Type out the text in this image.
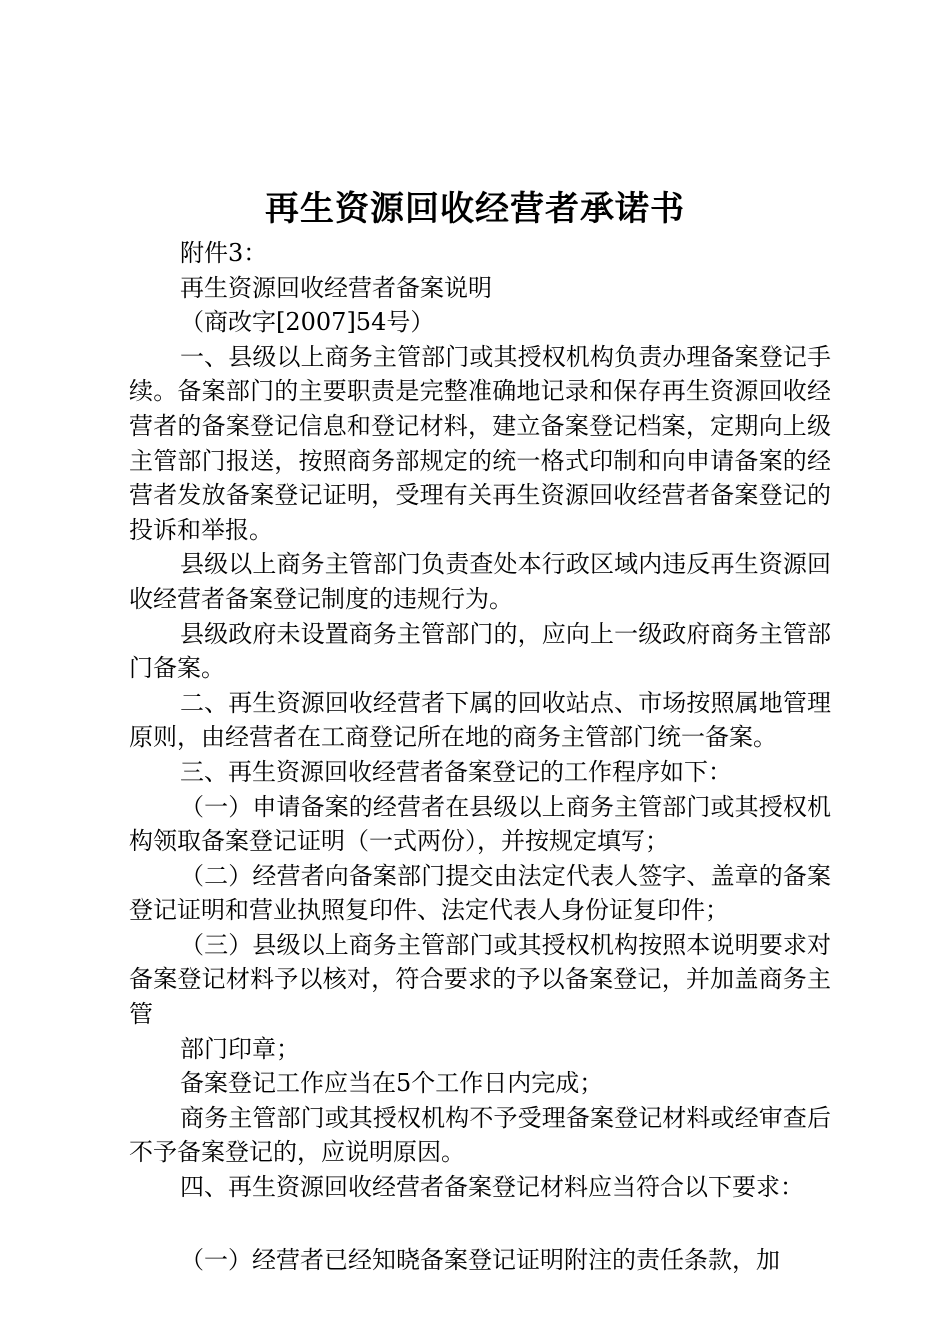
再生资源回收经营者承诺书

附件3：

再生资源回收经营者备案说明

（商改字[2007]54号）

一、县级以上商务主管部门或其授权机构负责办理备案登记手续。备案部门的主要职责是完整准确地记录和保存再生资源回收经营者的备案登记信息和登记材料，建立备案登记档案，定期向上级主管部门报送，按照商务部规定的统一格式印制和向申请备案的经营者发放备案登记证明，受理有关再生资源回收经营者备案登记的投诉和举报。

县级以上商务主管部门负责查处本行政区域内违反再生资源回收经营者备案登记制度的违规行为。

县级政府未设置商务主管部门的，应向上一级政府商务主管部门备案。

二、再生资源回收经营者下属的回收站点、市场按照属地管理原则，由经营者在工商登记所在地的商务主管部门统一备案。

三、再生资源回收经营者备案登记的工作程序如下：

（一）申请备案的经营者在县级以上商务主管部门或其授权机构领取备案登记证明（一式两份），并按规定填写；

（二）经营者向备案部门提交由法定代表人签字、盖章的备案登记证明和营业执照复印件、法定代表人身份证复印件；

（三）县级以上商务主管部门或其授权机构按照本说明要求对备案登记材料予以核对，符合要求的予以备案登记，并加盖商务主管

部门印章；

备案登记工作应当在5个工作日内完成；

商务主管部门或其授权机构不予受理备案登记材料或经审查后不予备案登记的，应说明原因。

四、再生资源回收经营者备案登记材料应当符合以下要求：

（一）经营者已经知晓备案登记证明附注的责任条款，加
